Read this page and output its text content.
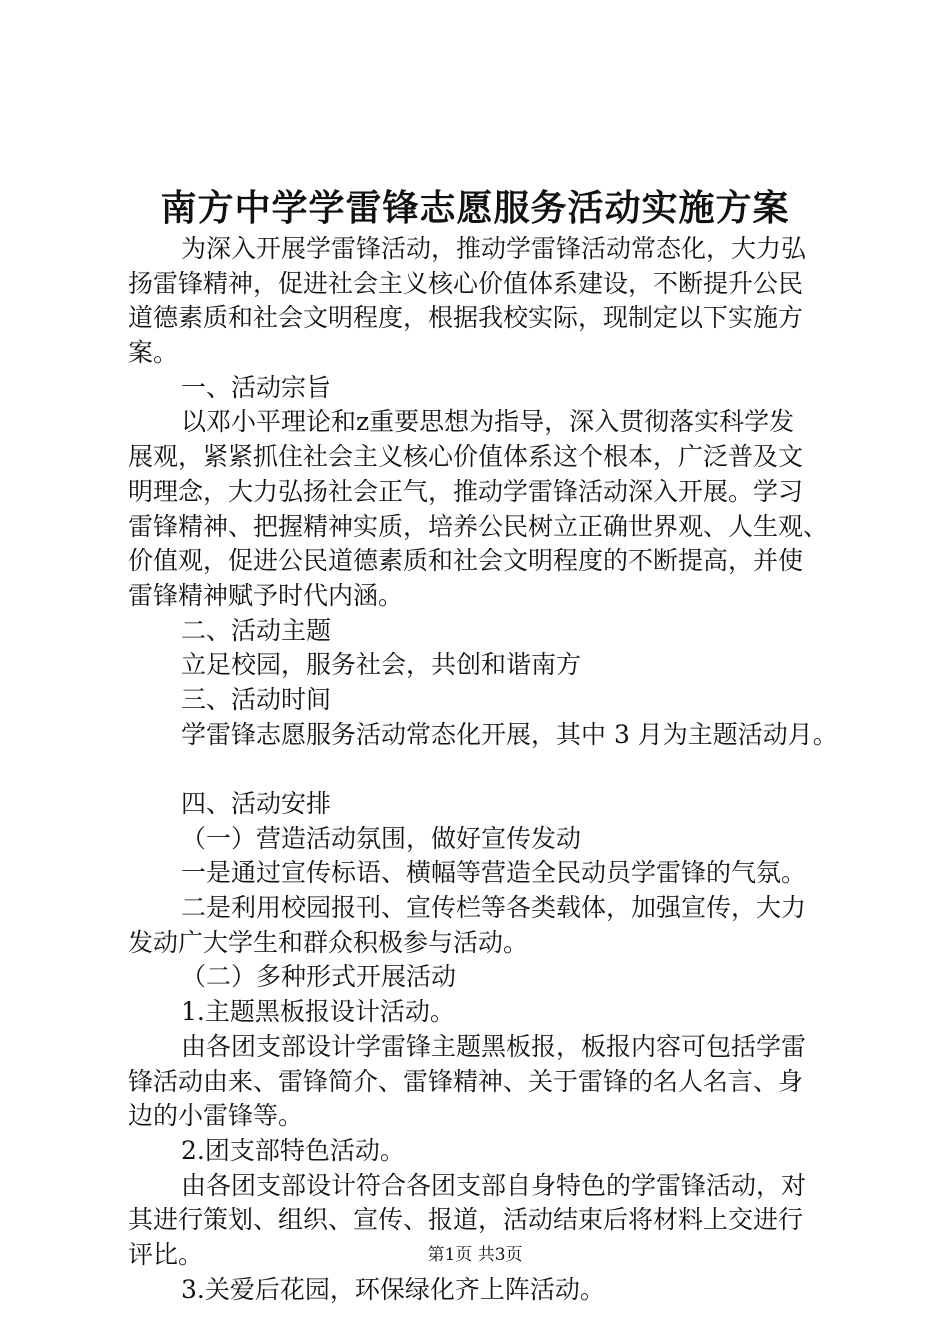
南方中学学雷锋志愿服务活动实施方案
为深入开展学雷锋活动，推动学雷锋活动常态化，大力弘
扬雷锋精神，促进社会主义核心价值体系建设，不断提升公民
道德素质和社会文明程度，根据我校实际，现制定以下实施方
案。
一、活动宗旨
以邓小平理论和z重要思想为指导，深入贯彻落实科学发
展观，紧紧抓住社会主义核心价值体系这个根本，广泛普及文
明理念，大力弘扬社会正气，推动学雷锋活动深入开展。学习
雷锋精神、把握精神实质，培养公民树立正确世界观、人生观、
价值观，促进公民道德素质和社会文明程度的不断提高，并使
雷锋精神赋予时代内涵。
二、活动主题
立足校园，服务社会，共创和谐南方
三、活动时间
学雷锋志愿服务活动常态化开展，其中 3 月为主题活动月。
四、活动安排
（一）营造活动氛围，做好宣传发动
一是通过宣传标语、横幅等营造全民动员学雷锋的气氛。
二是利用校园报刊、宣传栏等各类载体，加强宣传，大力
发动广大学生和群众积极参与活动。
（二）多种形式开展活动
1.主题黑板报设计活动。
由各团支部设计学雷锋主题黑板报，板报内容可包括学雷
锋活动由来、雷锋简介、雷锋精神、关于雷锋的名人名言、身
边的小雷锋等。
2.团支部特色活动。
由各团支部设计符合各团支部自身特色的学雷锋活动，对
其进行策划、组织、宣传、报道，活动结束后将材料上交进行
评比。
3.关爱后花园，环保绿化齐上阵活动。
第1页 共3页
